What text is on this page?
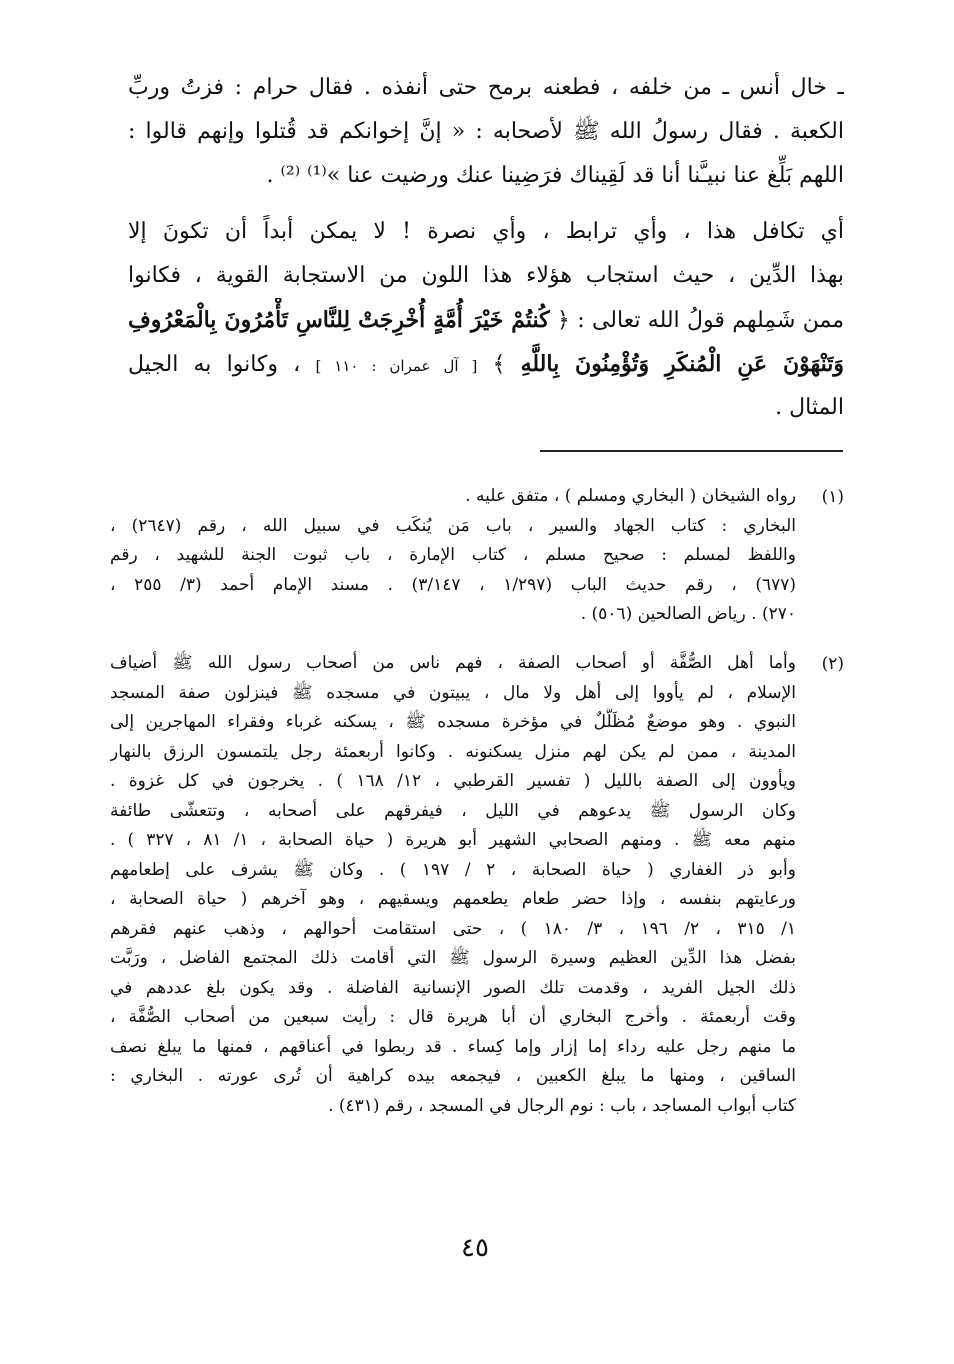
ـ خال أنس ـ من خلفه ، فطعنه برمح حتى أنفذه . فقال حرام : فزتُ وربِّ
الكعبة . فقال رسولُ الله ﷺ لأصحابه : « إنَّ إخوانكم قد قُتلوا وإنهم قالوا :
اللهم بَلِّغ عنا نبيـَّنا أنا قد لَقِيناك فرَضِينا عنك ورضيت عنا »⁽¹⁾ ⁽²⁾ .
أي تكافل هذا ، وأي ترابط ، وأي نصرة ! لا يمكن أبداً أن تكونَ إلا
بهذا الدِّين ، حيث استجاب هؤلاء هذا اللون من الاستجابة القوية ، فكانوا
ممن شَمِلهم قولُ الله تعالى : ﴿ كُنتُمْ خَيْرَ أُمَّةٍ أُخْرِجَتْ لِلنَّاسِ تَأْمُرُونَ بِالْمَعْرُوفِ
وَتَنْهَوْنَ عَنِ الْمُنكَرِ وَتُؤْمِنُونَ بِاللَّهِ ﴾ [ آل عمران : ١١٠ ] ، وكانوا به الجيل
المثال .
(١)
رواه الشيخان ( البخاري ومسلم ) ، متفق عليه .
البخاري : كتاب الجهاد والسير ، باب مَن يُنكَب في سبيل الله ، رقم (٢٦٤٧) ،
واللفظ لمسلم : صحيح مسلم ، كتاب الإمارة ، باب ثبوت الجنة للشهيد ، رقم
(٦٧٧) ، رقم حديث الباب (١/٢٩٧ ، ٣/١٤٧) . مسند الإمام أحمد (٣/ ٢٥٥ ،
٢٧٠) . رياض الصالحين (٥٠٦) .
(٢)
وأما أهل الصُّفَّة أو أصحاب الصفة ، فهم ناس من أصحاب رسول الله ﷺ أضياف
الإسلام ، لم يأووا إلى أهل ولا مال ، يبيتون في مسجده ﷺ فينزلون صفة المسجد
النبوي . وهو موضعٌ مُظَلَّلٌ في مؤخرة مسجده ﷺ ، يسكنه غرباء وفقراء المهاجرين إلى
المدينة ، ممن لم يكن لهم منزل يسكنونه . وكانوا أربعمئة رجل يلتمسون الرزق بالنهار
ويأوون إلى الصفة بالليل ( تفسير القرطبي ، ١٢/ ١٦٨ ) . يخرجون في كل غزوة .
وكان الرسول ﷺ يدعوهم في الليل ، فيفرقهم على أصحابه ، وتتعشّى طائفة
منهم معه ﷺ . ومنهم الصحابي الشهير أبو هريرة ( حياة الصحابة ، ١/ ٨١ ، ٣٢٧ ) .
وأبو ذر الغفاري ( حياة الصحابة ، ٢ / ١٩٧ ) . وكان ﷺ يشرف على إطعامهم
ورعايتهم بنفسه ، وإذا حضر طعام يطعمهم ويسقيهم ، وهو آخرهم ( حياة الصحابة ،
١/ ٣١٥ ، ٢/ ١٩٦ ، ٣/ ١٨٠ ) ، حتى استقامت أحوالهم ، وذهب عنهم فقرهم
بفضل هذا الدِّين العظيم وسيرة الرسول ﷺ التي أقامت ذلك المجتمع الفاضل ، ورَبَّت
ذلك الجيل الفريد ، وقدمت تلك الصور الإنسانية الفاضلة . وقد يكون بلغ عددهم في
وقت أربعمئة . وأخرج البخاري أن أبا هريرة قال : رأيت سبعين من أصحاب الصُّفَّة ،
ما منهم رجل عليه رداء إما إزار وإما كِساء . قد ربطوا في أعناقهم ، فمنها ما يبلغ نصف
الساقين ، ومنها ما يبلغ الكعبين ، فيجمعه بيده كراهية أن تُرى عورته . البخاري :
كتاب أبواب المساجد ، باب : نوم الرجال في المسجد ، رقم (٤٣١) .
٤٥
